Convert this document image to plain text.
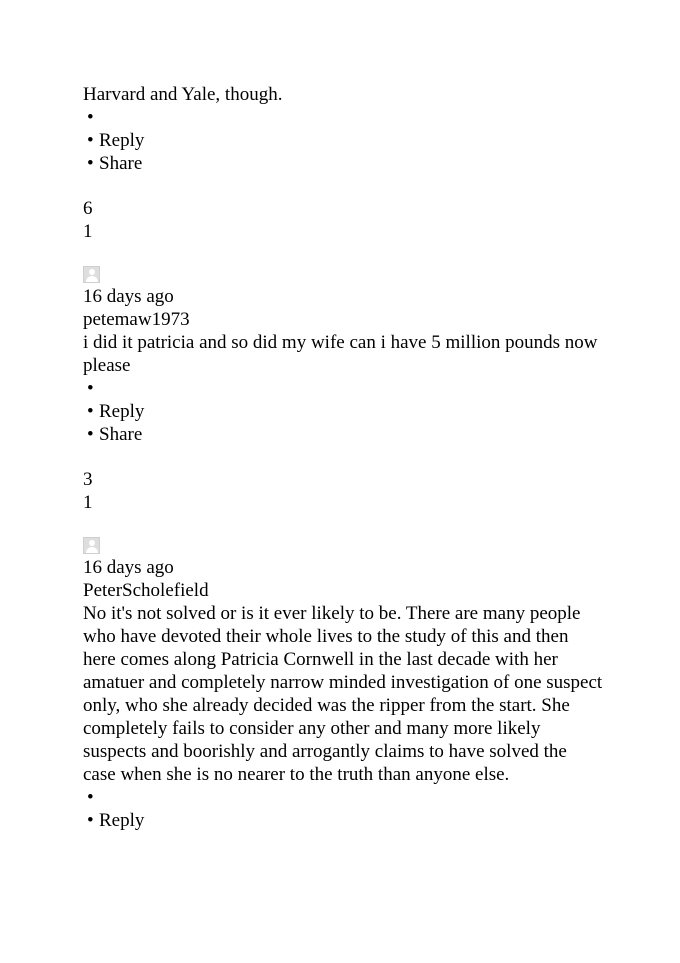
Harvard and Yale, though.

•
• Reply
• Share
6
1
16 days ago
petemaw1973

i did it patricia and so did my wife can i have 5 million pounds now please

•
• Reply
• Share
3
1
16 days ago
PeterScholefield

No it's not solved or is it ever likely to be. There are many people who have devoted their whole lives to the study of this and then here comes along Patricia Cornwell in the last decade with her amatuer and completely narrow minded investigation of one suspect only, who she already decided was the ripper from the start. She completely fails to consider any other and many more likely suspects and boorishly and arrogantly claims to have solved the case when she is no nearer to the truth than anyone else.

•
• Reply
